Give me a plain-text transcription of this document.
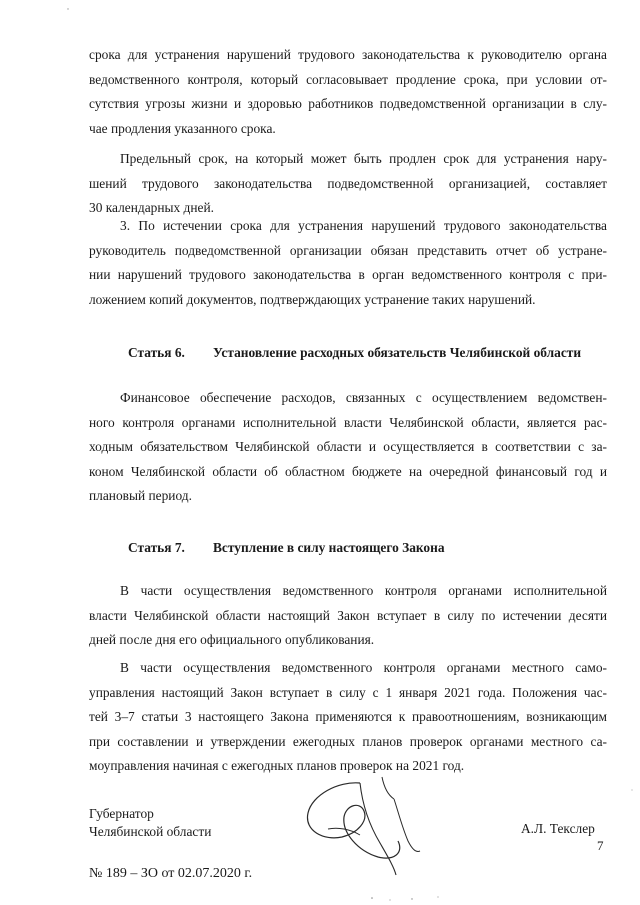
срока для устранения нарушений трудового законодательства к руководителю органа
ведомственного контроля, который согласовывает продление срока, при условии от-
сутствия угрозы жизни и здоровью работников подведомственной организации в слу-
чае продления указанного срока.
Предельный срок, на который может быть продлен срок для устранения нару-
шений трудового законодательства подведомственной организацией, составляет
30 календарных дней.
3. По истечении срока для устранения нарушений трудового законодательства
руководитель подведомственной организации обязан представить отчет об устране-
нии нарушений трудового законодательства в орган ведомственного контроля с при-
ложением копий документов, подтверждающих устранение таких нарушений.
Статья 6. Установление расходных обязательств Челябинской области
Финансовое обеспечение расходов, связанных с осуществлением ведомствен-
ного контроля органами исполнительной власти Челябинской области, является рас-
ходным обязательством Челябинской области и осуществляется в соответствии с за-
коном Челябинской области об областном бюджете на очередной финансовый год и
плановый период.
Статья 7. Вступление в силу настоящего Закона
В части осуществления ведомственного контроля органами исполнительной
власти Челябинской области настоящий Закон вступает в силу по истечении десяти
дней после дня его официального опубликования.
В части осуществления ведомственного контроля органами местного само-
управления настоящий Закон вступает в силу с 1 января 2021 года. Положения час-
тей 3–7 статьи 3 настоящего Закона применяются к правоотношениям, возникающим
при составлении и утверждении ежегодных планов проверок органами местного са-
моуправления начиная с ежегодных планов проверок на 2021 год.
Губернатор
Челябинской области	А.Л. Текслер
7
№ 189 – ЗО от 02.07.2020 г.
